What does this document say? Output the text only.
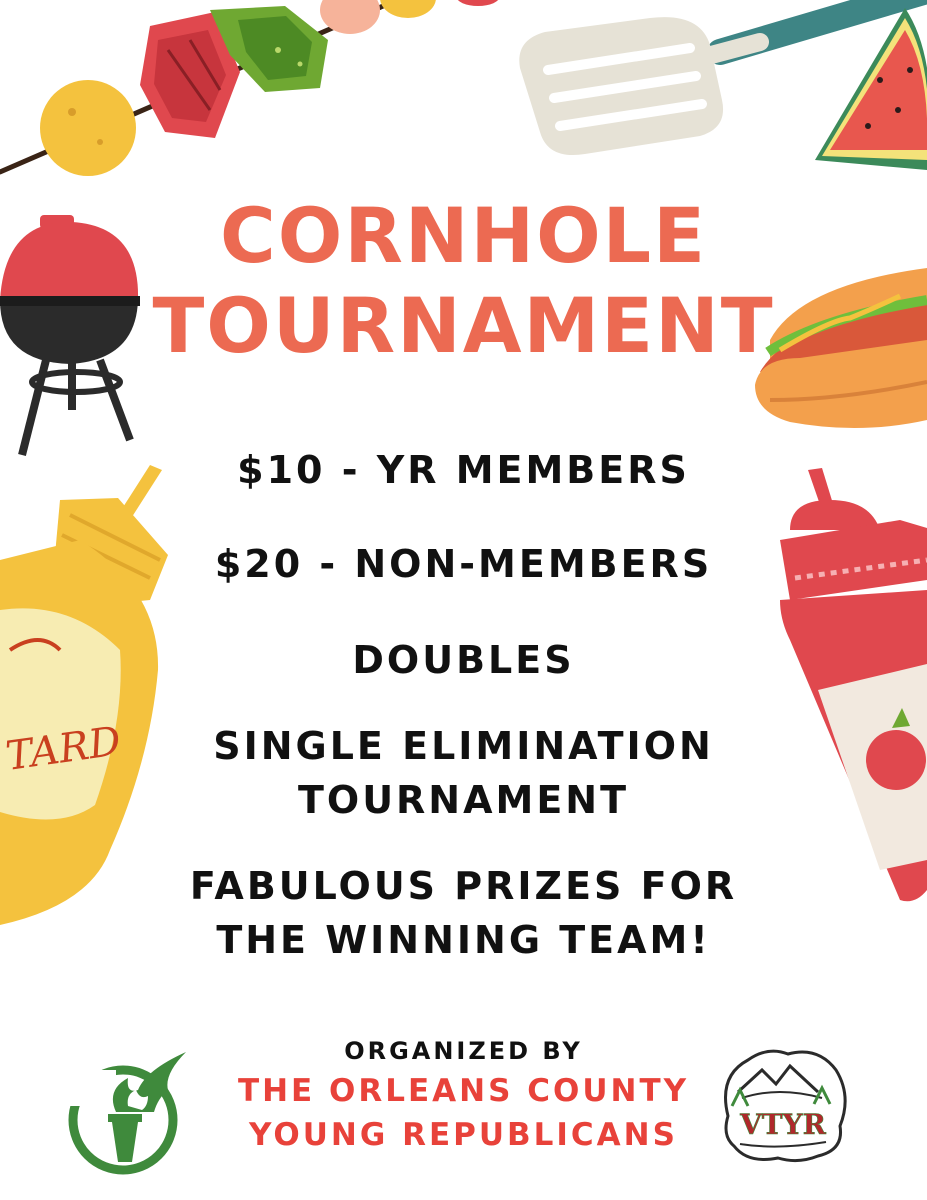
TARD
CORNHOLE
TOURNAMENT
$10 - YR MEMBERS
$20 - NON-MEMBERS
DOUBLES
SINGLE ELIMINATION
TOURNAMENT
FABULOUS PRIZES FOR
THE WINNING TEAM!
ORGANIZED BY
THE ORLEANS COUNTY
YOUNG REPUBLICANS	VTYR
